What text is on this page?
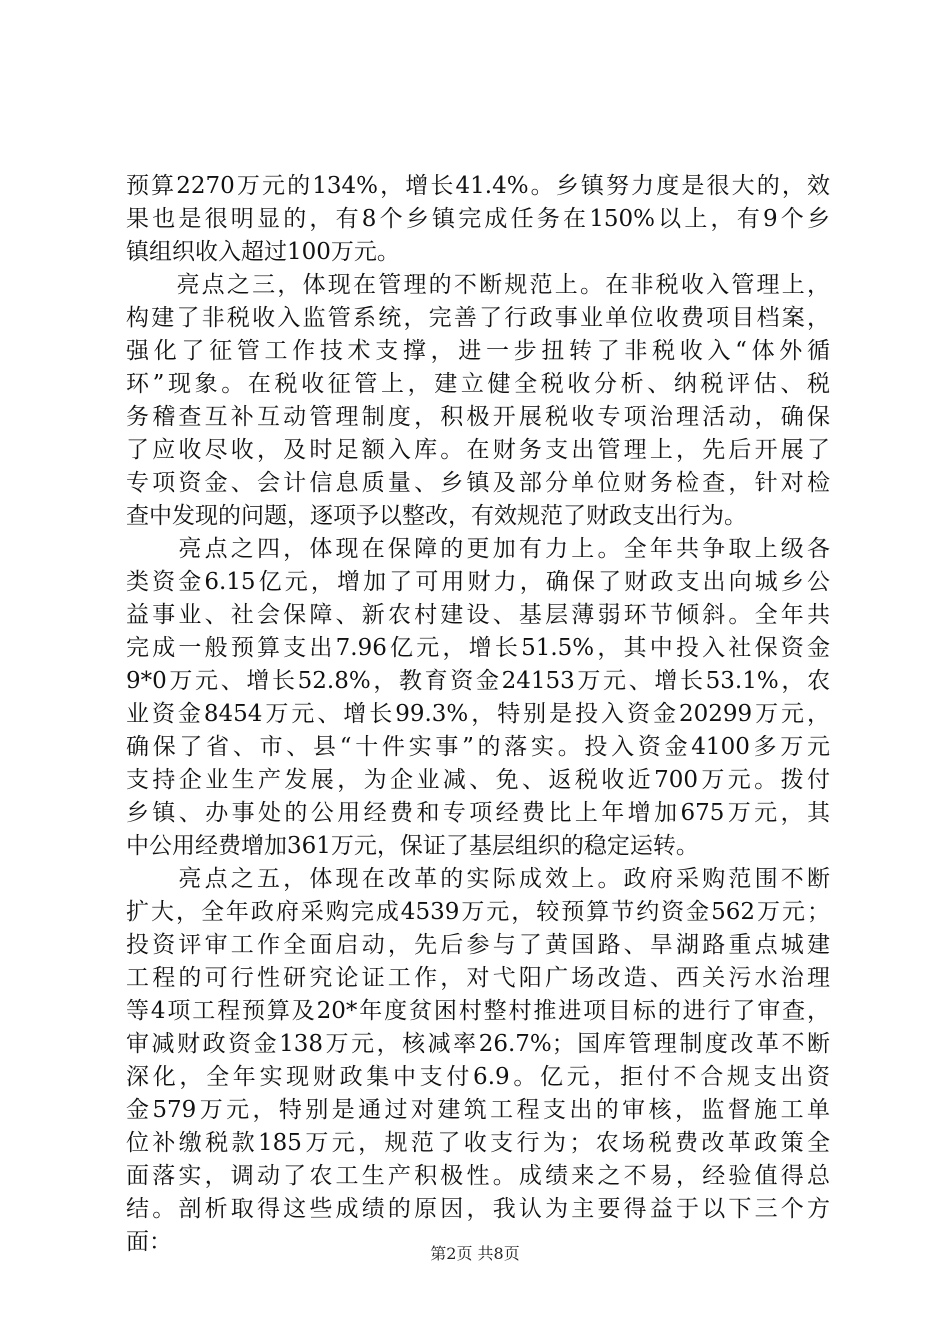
预算2270万元的134%，增长41.4%。乡镇努力度是很大的，效
果也是很明显的，有8个乡镇完成任务在150%以上，有9个乡
镇组织收入超过100万元。
　　亮点之三，体现在管理的不断规范上。在非税收入管理上，
构建了非税收入监管系统，完善了行政事业单位收费项目档案，
强化了征管工作技术支撑，进一步扭转了非税收入“体外循
环”现象。在税收征管上，建立健全税收分析、纳税评估、税
务稽查互补互动管理制度，积极开展税收专项治理活动，确保
了应收尽收，及时足额入库。在财务支出管理上，先后开展了
专项资金、会计信息质量、乡镇及部分单位财务检查，针对检
查中发现的问题，逐项予以整改，有效规范了财政支出行为。
　　亮点之四，体现在保障的更加有力上。全年共争取上级各
类资金6.15亿元，增加了可用财力，确保了财政支出向城乡公
益事业、社会保障、新农村建设、基层薄弱环节倾斜。全年共
完成一般预算支出7.96亿元，增长51.5%，其中投入社保资金
9*0万元、增长52.8%，教育资金24153万元、增长53.1%，农
业资金8454万元、增长99.3%，特别是投入资金20299万元，
确保了省、市、县“十件实事”的落实。投入资金4100多万元
支持企业生产发展，为企业减、免、返税收近700万元。拨付
乡镇、办事处的公用经费和专项经费比上年增加675万元，其
中公用经费增加361万元，保证了基层组织的稳定运转。
　　亮点之五，体现在改革的实际成效上。政府采购范围不断
扩大，全年政府采购完成4539万元，较预算节约资金562万元；
投资评审工作全面启动，先后参与了黄国路、旱湖路重点城建
工程的可行性研究论证工作，对弋阳广场改造、西关污水治理
等4项工程预算及20*年度贫困村整村推进项目标的进行了审查，
审减财政资金138万元，核减率26.7%；国库管理制度改革不断
深化，全年实现财政集中支付6.9。亿元，拒付不合规支出资
金579万元，特别是通过对建筑工程支出的审核，监督施工单
位补缴税款185万元，规范了收支行为；农场税费改革政策全
面落实，调动了农工生产积极性。成绩来之不易，经验值得总
结。剖析取得这些成绩的原因，我认为主要得益于以下三个方
面：	第2页 共8页
